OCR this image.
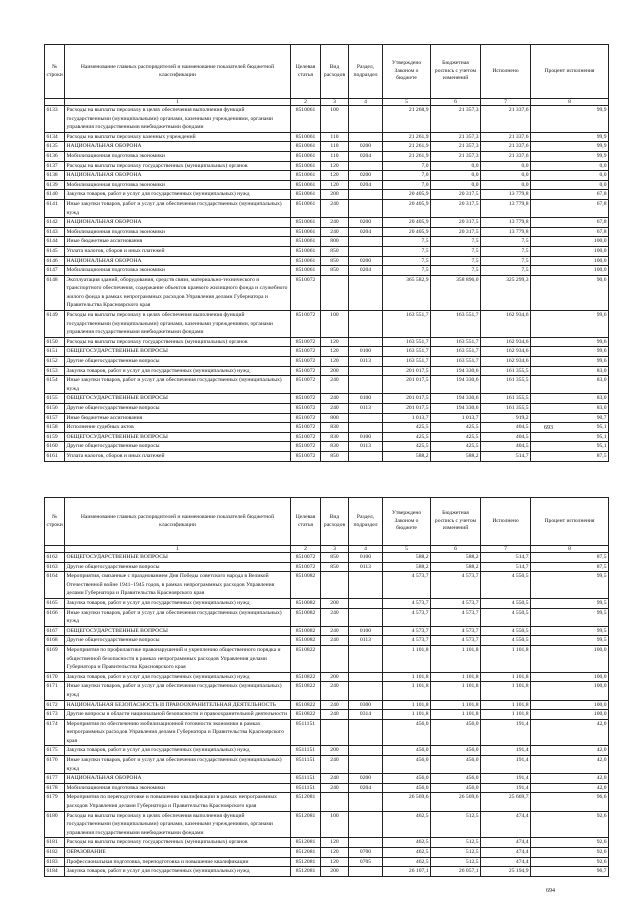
№ строки	Наименование главных распорядителей и наименование показателей бюджетной классификации	Целевая статья	Вид расходов	Раздел, подраздел	Утверждено Законом о бюджете	Бюджетная роспись с учетом изменений	Исполнено	Процент исполнения
	1	2	3	4	5	6	7	8
6133	Расходы на выплаты персоналу в целях обеспечения выполнения функций государственными (муниципальными) органами, казенными учреждениями, органами управления государственными внебюджетными фондами	8510061	100		21 268,9	21 357,3	21 337,6	99,9
6134	Расходы на выплаты персоналу казенных учреждений	8510061	110		21 261,9	21 357,3	21 337,6	99,9
6135	НАЦИОНАЛЬНАЯ ОБОРОНА	8510061	110	0200	21 261,9	21 357,3	21 337,6	99,9
6136	Мобилизационная подготовка экономики	8510061	110	0204	21 261,9	21 357,3	21 337,6	99,9
6137	Расходы на выплаты персоналу государственных (муниципальных) органов	8510061	120		7,0	0,0	0,0	0,0
6138	НАЦИОНАЛЬНАЯ ОБОРОНА	8510061	120	0200	7,0	0,0	0,0	0,0
6139	Мобилизационная подготовка экономики	8510061	120	0204	7,0	0,0	0,0	0,0
6140	Закупка товаров, работ и услуг для государственных (муниципальных) нужд	8510061	200		20 405,9	20 317,5	13 779,8	67,8
6141	Иные закупки товаров, работ и услуг для обеспечения государственных (муниципальных) нужд	8510061	240		20 405,9	20 317,5	13 779,8	67,8
6142	НАЦИОНАЛЬНАЯ ОБОРОНА	8510061	240	0200	20 405,9	20 317,5	13 779,8	67,8
6143	Мобилизационная подготовка экономики	8510061	240	0204	20 405,9	20 317,5	13 779,8	67,8
6144	Иные бюджетные ассигнования	8510061	800		7,5	7,5	7,5	100,0
6145	Уплата налогов, сборов и иных платежей	8510061	850		7,5	7,5	7,5	100,0
6146	НАЦИОНАЛЬНАЯ ОБОРОНА	8510061	850	0200	7,5	7,5	7,5	100,0
6147	Мобилизационная подготовка экономики	8510061	850	0204	7,5	7,5	7,5	100,0
6148	Эксплуатация зданий, оборудования, средств связи, материально-технического и транспортного обеспечения, содержание объектов краевого жилищного фонда и служебного жилого фонда в рамках непрограммных расходов Управления делами Губернатора и Правительства Красноярского края	8510072			365 582,9	358 896,0	325 299,3	90,6
6149	Расходы на выплаты персоналу в целях обеспечения выполнения функций государственными (муниципальными) органами, казенными учреждениями, органами управления государственными внебюджетными фондами	8510072	100		163 551,7	163 551,7	162 934,6	99,6
6150	Расходы на выплаты персоналу государственных (муниципальных) органов	8510072	120		163 551,7	163 551,7	162 934,6	99,6
6151	ОБЩЕГОСУДАРСТВЕННЫЕ ВОПРОСЫ	8510072	120	0100	163 551,7	163 551,7	162 934,6	99,6
6152	Другие общегосударственные вопросы	8510072	120	0113	163 551,7	163 551,7	162 934,6	99,6
6153	Закупка товаров, работ и услуг для государственных (муниципальных) нужд	8510072	200		201 017,5	194 330,6	161 355,5	83,0
6154	Иные закупки товаров, работ и услуг для обеспечения государственных (муниципальных) нужд	8510072	240		201 017,5	194 330,6	161 355,5	83,0
6155	ОБЩЕГОСУДАРСТВЕННЫЕ ВОПРОСЫ	8510072	240	0100	201 017,5	194 330,6	161 355,5	83,0
6156	Другие общегосударственные вопросы	8510072	240	0113	201 017,5	194 330,6	161 355,5	83,0
6157	Иные бюджетные ассигнования	8510072	800		1 013,7	1 013,7	919,2	90,7
6158	Исполнение судебных актов	8510072	830		425,5	425,5	404,5	95,1
6159	ОБЩЕГОСУДАРСТВЕННЫЕ ВОПРОСЫ	8510072	830	0100	425,5	425,5	404,5	95,1
6160	Другие общегосударственные вопросы	8510072	830	0113	425,5	425,5	404,5	95,1
6161	Уплата налогов, сборов и иных платежей	8510072	850		588,2	588,2	514,7	87,5
693
№ строки	Наименование главных распорядителей и наименование показателей бюджетной классификации	Целевая статья	Вид расходов	Раздел, подраздел	Утверждено Законом о бюджете	Бюджетная роспись с учетом изменений	Исполнено	Процент исполнения
	1	2	3	4	5	6	7	8
6162	ОБЩЕГОСУДАРСТВЕННЫЕ ВОПРОСЫ	8510072	850	0100	588,2	588,2	514,7	87,5
6163	Другие общегосударственные вопросы	8510072	850	0113	588,2	588,2	514,7	87,5
6164	Мероприятия, связанные с празднованием Дня Победы советского народа в Великой Отечественной войне 1941–1945 годов, в рамках непрограммных расходов Управления делами Губернатора и Правительства Красноярского края	8510082			4 573,7	4 573,7	4 550,5	99,5
6165	Закупка товаров, работ и услуг для государственных (муниципальных) нужд	8510082	200		4 573,7	4 573,7	4 550,5	99,5
6166	Иные закупки товаров, работ и услуг для обеспечения государственных (муниципальных) нужд	8510082	240		4 573,7	4 573,7	4 550,5	99,5
6167	ОБЩЕГОСУДАРСТВЕННЫЕ ВОПРОСЫ	8510082	240	0100	4 573,7	4 573,7	4 550,5	99,5
6168	Другие общегосударственные вопросы	8510082	240	0113	4 573,7	4 573,7	4 550,5	99,5
6169	Мероприятия по профилактике правонарушений и укреплению общественного порядка и общественной безопасности в рамках непрограммных расходов Управления делами Губернатора и Правительства Красноярского края	8510822			1 101,8	1 101,8	1 101,8	100,0
6170	Закупка товаров, работ и услуг для государственных (муниципальных) нужд	8510822	200		1 101,8	1 101,8	1 101,8	100,0
6171	Иные закупки товаров, работ и услуг для обеспечения государственных (муниципальных) нужд	8510822	240		1 101,8	1 101,8	1 101,8	100,0
6172	НАЦИОНАЛЬНАЯ БЕЗОПАСНОСТЬ И ПРАВООХРАНИТЕЛЬНАЯ ДЕЯТЕЛЬНОСТЬ	8510822	240	0300	1 101,8	1 101,8	1 101,8	100,0
6173	Другие вопросы в области национальной безопасности и правоохранительной деятельности	8510822	240	0314	1 101,8	1 101,8	1 101,8	100,0
6174	Мероприятия по обеспечению мобилизационной готовности экономики в рамках непрограммных расходов Управления делами Губернатора и Правительства Красноярского края	8511151			456,0	456,0	191,4	42,0
6175	Закупка товаров, работ и услуг для государственных (муниципальных) нужд	8511151	200		456,0	456,0	191,4	42,0
6176	Иные закупки товаров, работ и услуг для обеспечения государственных (муниципальных) нужд	8511151	240		456,0	456,0	191,4	42,0
6177	НАЦИОНАЛЬНАЯ ОБОРОНА	8511151	240	0200	456,0	456,0	191,4	42,0
6178	Мобилизационная подготовка экономики	8511151	240	0204	456,0	456,0	191,4	42,0
6179	Мероприятия по переподготовке и повышению квалификации в рамках непрограммных расходов Управления делами Губернатора и Правительства Красноярского края	8512081			26 569,6	26 569,6	25 669,7	96,6
6180	Расходы на выплаты персоналу в целях обеспечения выполнения функций государственными (муниципальными) органами, казенными учреждениями, органами управления государственными внебюджетными фондами	8512081	100		462,5	512,5	474,4	92,6
6181	Расходы на выплаты персоналу государственных (муниципальных) органов	8512081	120		462,5	512,5	474,4	92,6
6182	ОБРАЗОВАНИЕ	8512081	120	0700	462,5	512,5	474,4	92,6
6183	Профессиональная подготовка, переподготовка и повышение квалификации	8512081	120	0705	462,5	512,5	474,4	92,6
6184	Закупка товаров, работ и услуг для государственных (муниципальных) нужд	8512081	200		26 107,1	26 057,1	25 194,9	96,7
694
